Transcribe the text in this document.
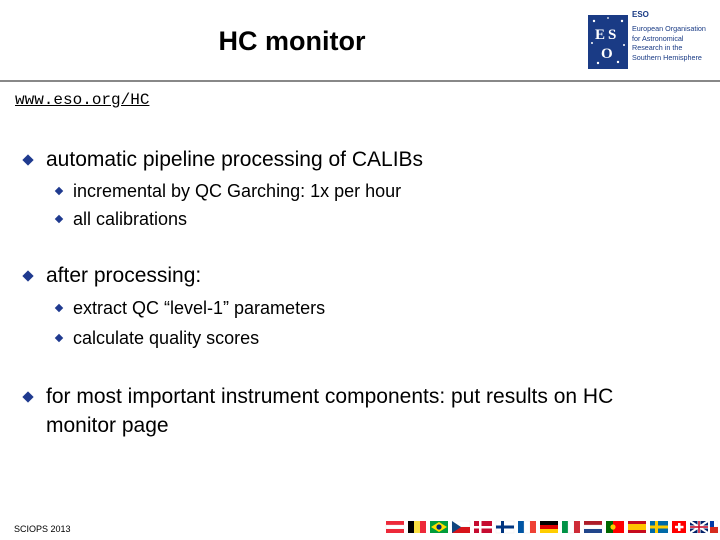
HC monitor	E S
O
ESO
European Organisation
for Astronomical
Research in the
Southern Hemisphere
www.eso.org/HC
automatic pipeline processing of CALIBs
incremental by QC Garching: 1x per hour
all calibrations
after processing:
extract QC “level-1” parameters
calculate quality scores
for most important instrument components: put results on HC
monitor page
SCIOPS 2013
